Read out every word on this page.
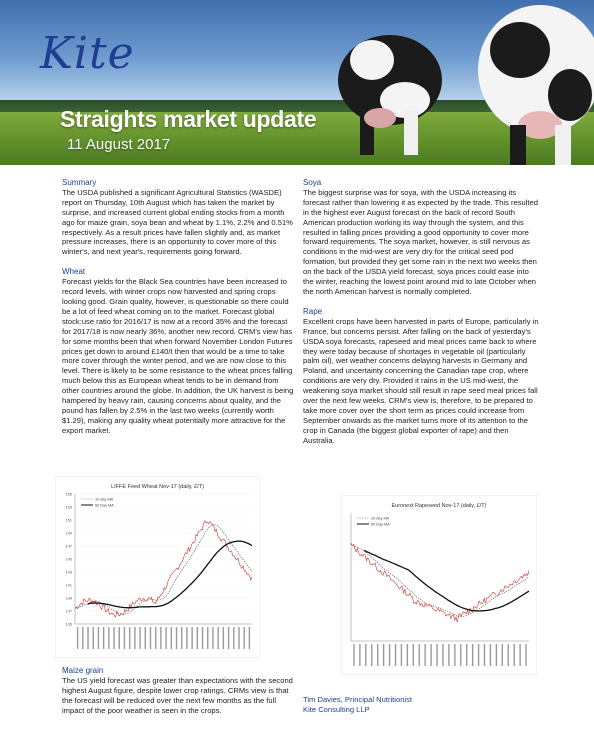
Kite
Straights market update
11 August 2017
Summary

The USDA published a significant Agricultural Statistics (WASDE) report on Thursday, 10th August which has taken the market by surprise, and increased current global ending stocks from a month ago for maize grain, soya bean and wheat by 1.1%, 2.2% and 0.51% respectively. As a result prices have fallen slightly and, as market pressure increases, there is an opportunity to cover more of this winter's, and next year's, requirements going forward.

Wheat

Forecast yields for the Black Sea countries have been increased to record levels, with winter crops now harvested and spring crops looking good. Grain quality, however, is questionable so there could be a lot of feed wheat coming on to the market. Forecast global stock:use ratio for 2016/17 is now at a record 35% and the forecast for 2017/18 is now nearly 36%, another new record. CRM's view has for some months been that when forward November London Futures prices get down to around £140/t then that would be a time to take more cover through the winter period, and we are now close to this level. There is likely to be some resistance to the wheat prices falling much below this as European wheat tends to be in demand from other countries around the globe. In addition, the UK harvest is being hampered by heavy rain, causing concerns about quality, and the pound has fallen by 2.5% in the last two weeks (currently worth $1.29), making any quality wheat potentially more attractive for the export market.

Maize grain

The US yield forecast was greater than expectations with the second highest August figure, despite lower crop ratings. CRMs view is that the forecast will be reduced over the next few months as the full impact of the poor weather is seen in the crops.

Soya

The biggest surprise was for soya, with the USDA increasing its forecast rather than lowering it as expected by the trade. This resulted in the highest ever August forecast on the back of record South American production working its way through the system, and this resulted in falling prices providing a good opportunity to cover more forward requirements. The soya market, however, is still nervous as conditions in the mid-west are very dry for the critical seed pod formation, but provided they get some rain in the next two weeks then on the back of the USDA yield forecast, soya prices could ease into the winter, reaching the lowest point around mid to late October when the north American harvest is normally completed.

Rape

Excellent crops have been harvested in parts of Europe, particularly in France, but concerns persist. After falling on the back of yesterday's USDA soya forecasts, rapeseed and meal prices came back to where they were today because of shortages in vegetable oil (particularly palm oil), wet weather concerns delaying harvests in Germany and Poland, and uncertainty concerning the Canadian rape crop, where conditions are very dry. Provided it rains in the US mid-west, the weakening soya market should still result in rape seed meal prices fall over the next few weeks. CRM's view is, therefore, to be prepared to take more cover over the short term as prices could increase from September onwards as the market turns more of its attention to the crop in Canada (the biggest global exporter of rape) and then Australia.

LIFFE Feed Wheat Nov-17 (daily, £/T)
10 day MA
50 Day MA
135
137
139
141
143
145
147
149
151
153
155
Euronext Rapeseed Nov-17 (daily, £/T)
10 day MA
50 Day MA
Tim Davies, Principal Nutritionist
Kite Consulting LLP
